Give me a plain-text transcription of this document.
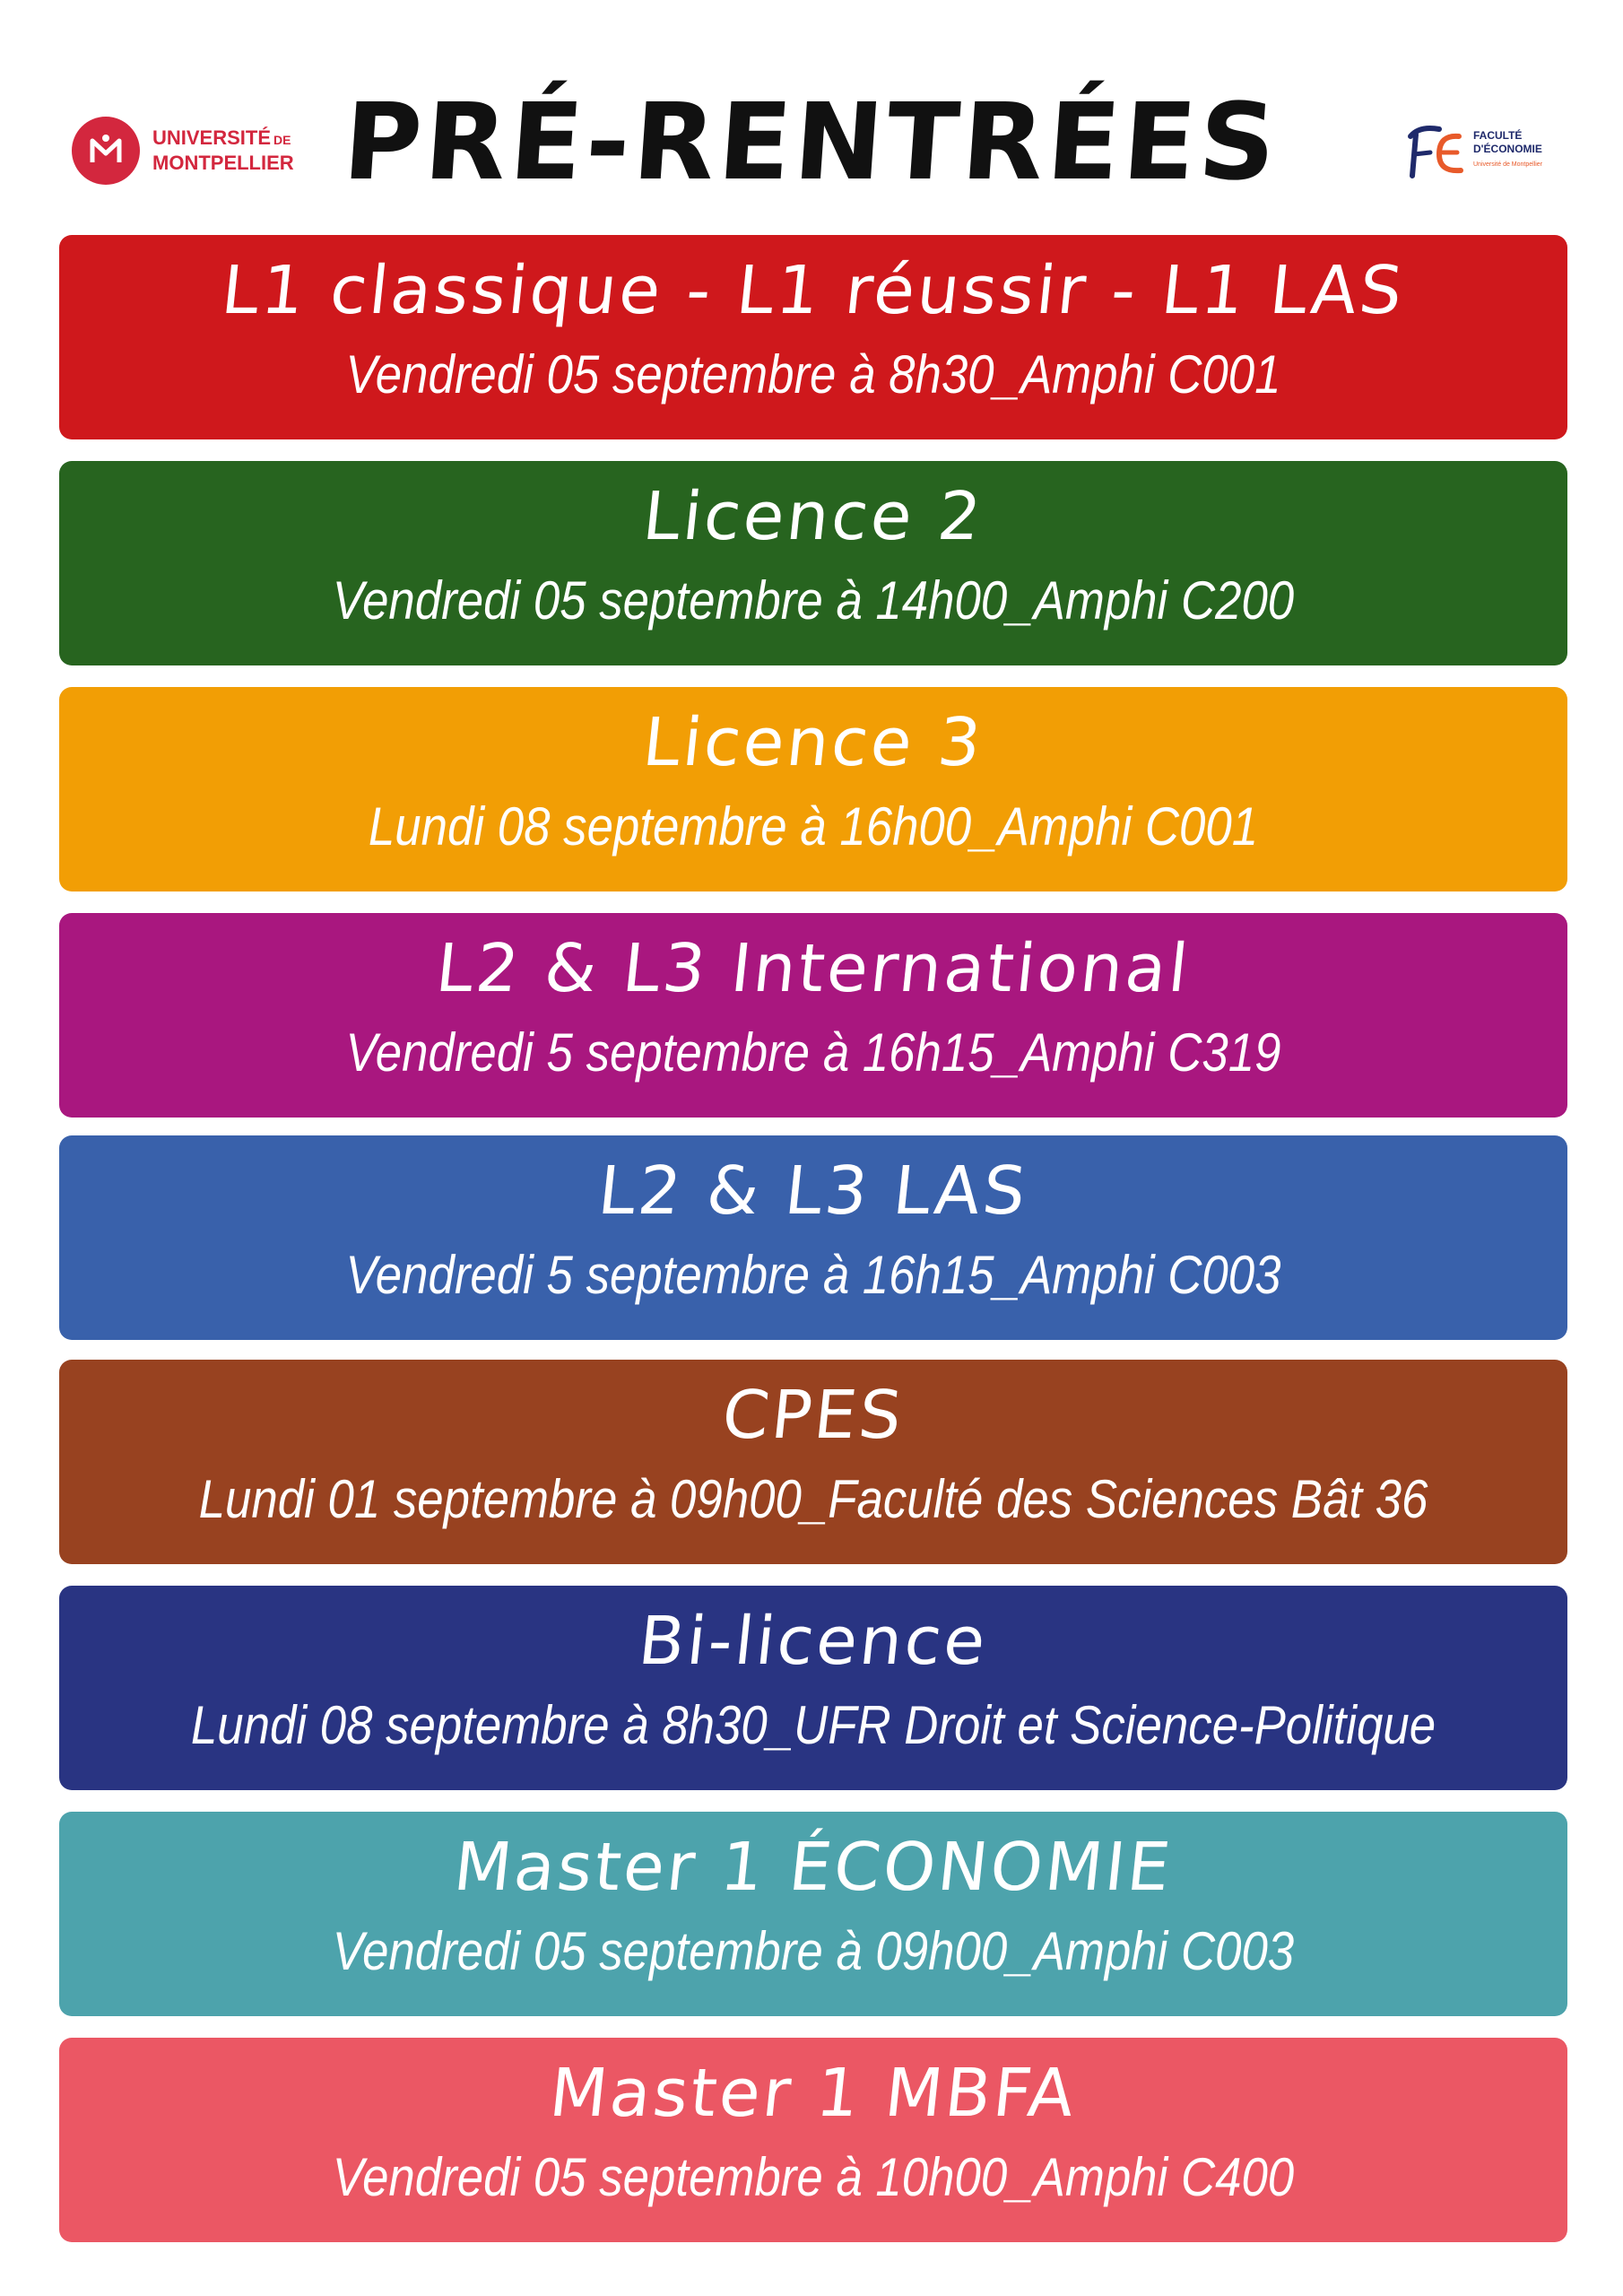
UNIVERSITÉ DE
MONTPELLIER PRÉ-RENTRÉES	FACULTÉ
D'ÉCONOMIE
Université de Montpellier
L1 classique - L1 réussir - L1 LAS
Vendredi 05 septembre à 8h30_Amphi C001
Licence 2
Vendredi 05 septembre à 14h00_Amphi C200
Licence 3
Lundi 08 septembre à 16h00_Amphi C001
L2 & L3 International
Vendredi 5 septembre à 16h15_Amphi C319
L2 & L3 LAS
Vendredi 5 septembre à 16h15_Amphi C003
CPES
Lundi 01 septembre à 09h00_Faculté des Sciences Bât 36
Bi-licence
Lundi 08 septembre à 8h30_UFR Droit et Science-Politique
Master 1 ÉCONOMIE
Vendredi 05 septembre à 09h00_Amphi C003
Master 1 MBFA
Vendredi 05 septembre à 10h00_Amphi C400
